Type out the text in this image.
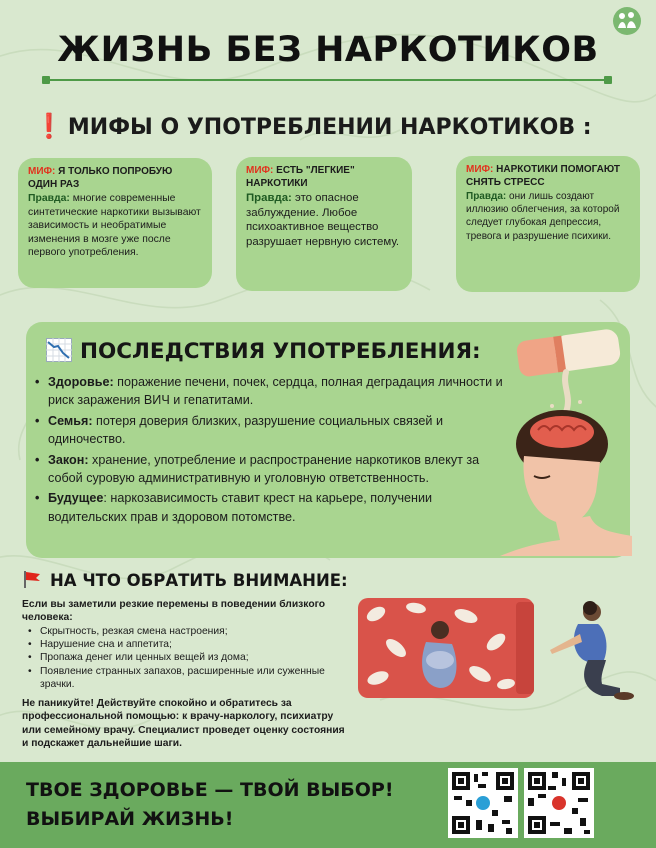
ЖИЗНЬ БЕЗ НАРКОТИКОВ
❗ МИФЫ О УПОТРЕБЛЕНИИ НАРКОТИКОВ :
МИФ: Я ТОЛЬКО ПОПРОБУЮ ОДИН РАЗ
Правда: многие современные синтетические наркотики вызывают зависимость и необратимые изменения в мозге уже после первого употребления.
МИФ: ЕСТЬ "ЛЕГКИЕ" НАРКОТИКИ
Правда: это опасное заблуждение. Любое психоактивное вещество разрушает нервную систему.
МИФ: НАРКОТИКИ ПОМОГАЮТ СНЯТЬ СТРЕСС
Правда: они лишь создают иллюзию облегчения, за которой следует глубокая депрессия, тревога и разрушение психики.
ПОСЛЕДСТВИЯ УПОТРЕБЛЕНИЯ:
• Здоровье: поражение печени, почек, сердца, полная деградация личности и риск заражения ВИЧ и гепатитами.
• Семья: потеря доверия близких, разрушение социальных связей и одиночество.
• Закон: хранение, употребление и распространение наркотиков влекут за собой суровую административную и уголовную ответственность.
• Будущее: наркозависимость ставит крест на карьере, получении водительских прав и здоровом потомстве.
НА ЧТО ОБРАТИТЬ ВНИМАНИЕ:
Если вы заметили резкие перемены в поведении близкого человека:
• Скрытность, резкая смена настроения;
• Нарушение сна и аппетита;
• Пропажа денег или ценных вещей из дома;
• Появление странных запахов, расширенные или суженные зрачки.
Не паникуйте! Действуйте спокойно и обратитесь за профессиональной помощью: к врачу-наркологу, психиатру или семейному врачу. Специалист проведет оценку состояния и подскажет дальнейшие шаги.
ТВОЕ ЗДОРОВЬЕ — ТВОЙ ВЫБОР!
ВЫБИРАЙ ЖИЗНЬ!
